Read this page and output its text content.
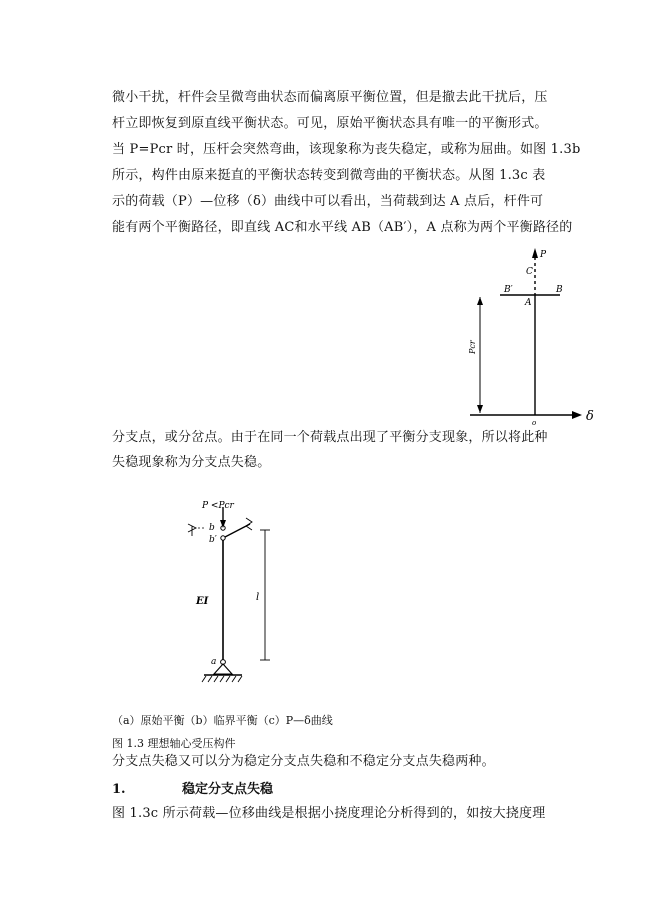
微小干扰，杆件会呈微弯曲状态而偏离原平衡位置，但是撤去此干扰后，压
杆立即恢复到原直线平衡状态。可见，原始平衡状态具有唯一的平衡形式。
当 P=Pcr 时，压杆会突然弯曲，该现象称为丧失稳定，或称为屈曲。如图 1.3b
所示，构件由原来挺直的平衡状态转变到微弯曲的平衡状态。从图 1.3c 表
示的荷载（P）—位移（δ）曲线中可以看出，当荷载到达 A 点后，杆件可
能有两个平衡路径，即直线 AC和水平线 AB（AB′），A 点称为两个平衡路径的
P
C
B′
A
B
Pcr
o	δ
分支点，或分岔点。由于在同一个荷载点出现了平衡分支现象，所以将此种
失稳现象称为分支点失稳。
P <Pcr
b
b′
EI	l
a
（a）原始平衡（b）临界平衡（c）P—δ曲线
图 1.3 理想轴心受压构件
分支点失稳又可以分为稳定分支点失稳和不稳定分支点失稳两种。
1.	稳定分支点失稳
图 1.3c 所示荷载—位移曲线是根据小挠度理论分析得到的，如按大挠度理
